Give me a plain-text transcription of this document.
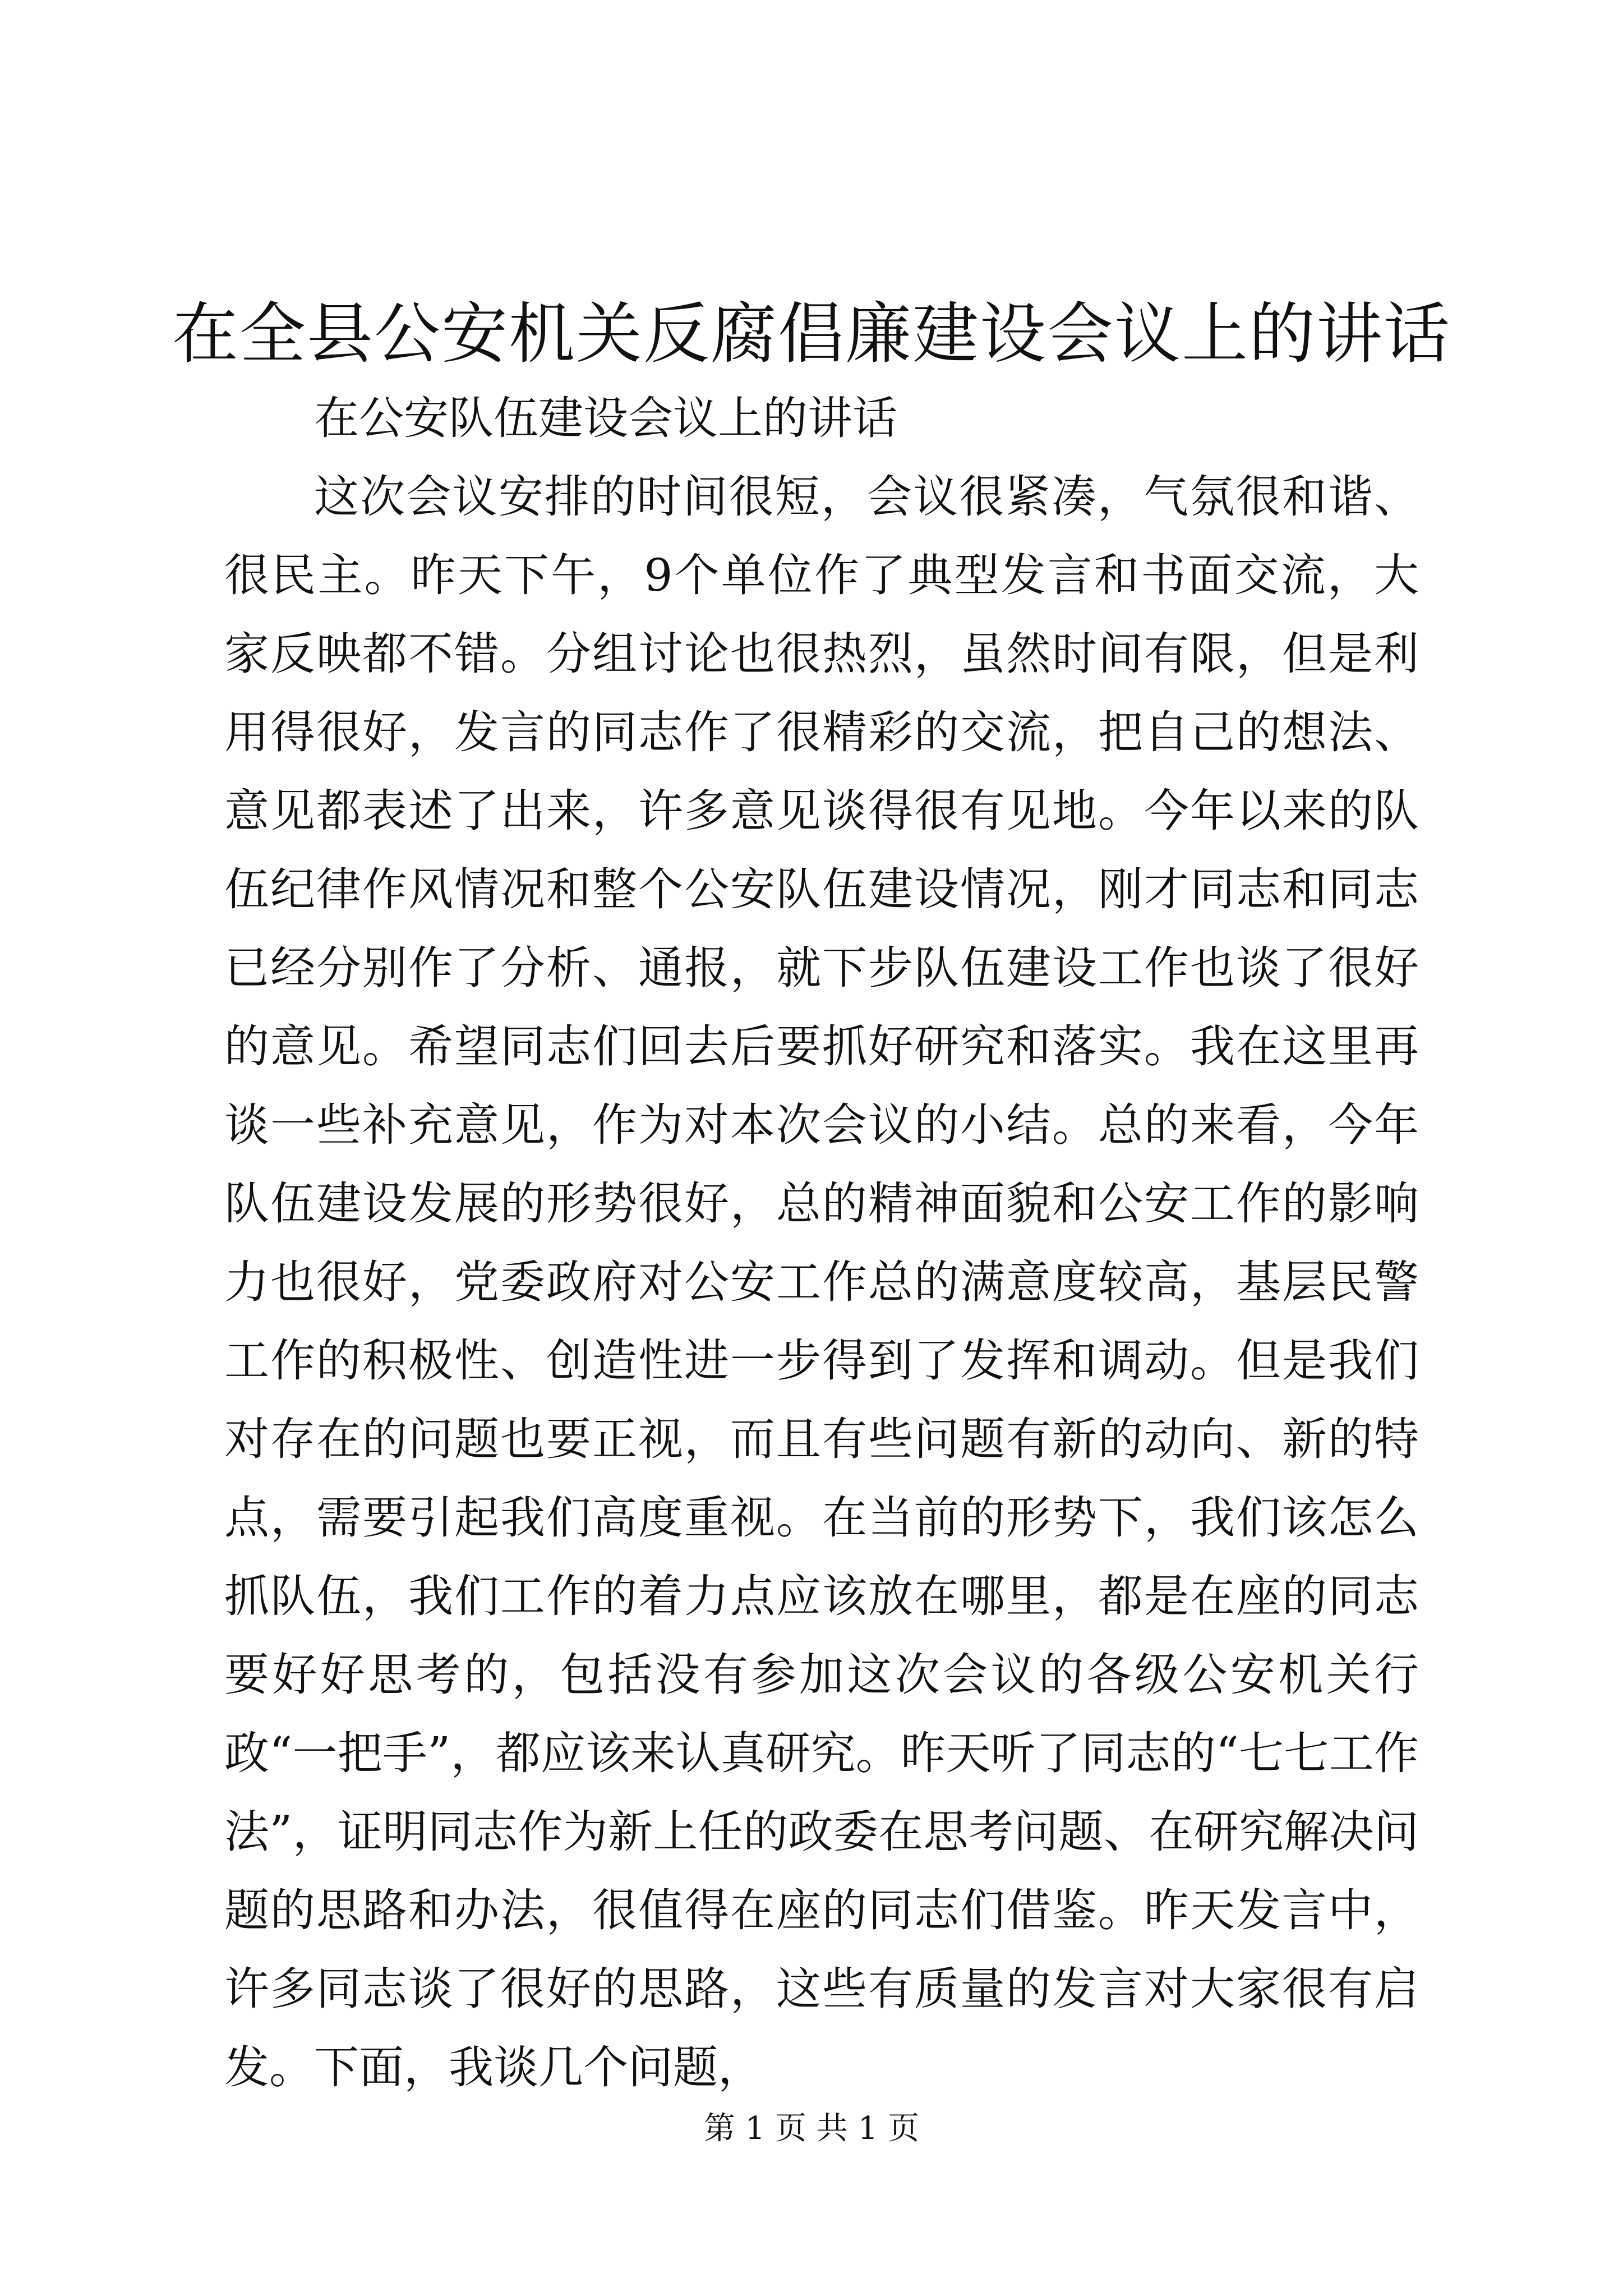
在全县公安机关反腐倡廉建设会议上的讲话

在公安队伍建设会议上的讲话

这次会议安排的时间很短，会议很紧凑，气氛很和谐、很民主。昨天下午，9个单位作了典型发言和书面交流，大家反映都不错。分组讨论也很热烈，虽然时间有限，但是利用得很好，发言的同志作了很精彩的交流，把自己的想法、意见都表述了出来，许多意见谈得很有见地。今年以来的队伍纪律作风情况和整个公安队伍建设情况，刚才同志和同志已经分别作了分析、通报，就下步队伍建设工作也谈了很好的意见。希望同志们回去后要抓好研究和落实。我在这里再谈一些补充意见，作为对本次会议的小结。总的来看，今年队伍建设发展的形势很好，总的精神面貌和公安工作的影响力也很好，党委政府对公安工作总的满意度较高，基层民警工作的积极性、创造性进一步得到了发挥和调动。但是我们对存在的问题也要正视，而且有些问题有新的动向、新的特点，需要引起我们高度重视。在当前的形势下，我们该怎么抓队伍，我们工作的着力点应该放在哪里，都是在座的同志要好好思考的，包括没有参加这次会议的各级公安机关行政“一把手”，都应该来认真研究。昨天听了同志的“七七工作法”，证明同志作为新上任的政委在思考问题、在研究解决问题的思路和办法，很值得在座的同志们借鉴。昨天发言中，许多同志谈了很好的思路，这些有质量的发言对大家很有启发。下面，我谈几个问题，

第 1 页 共 1 页
